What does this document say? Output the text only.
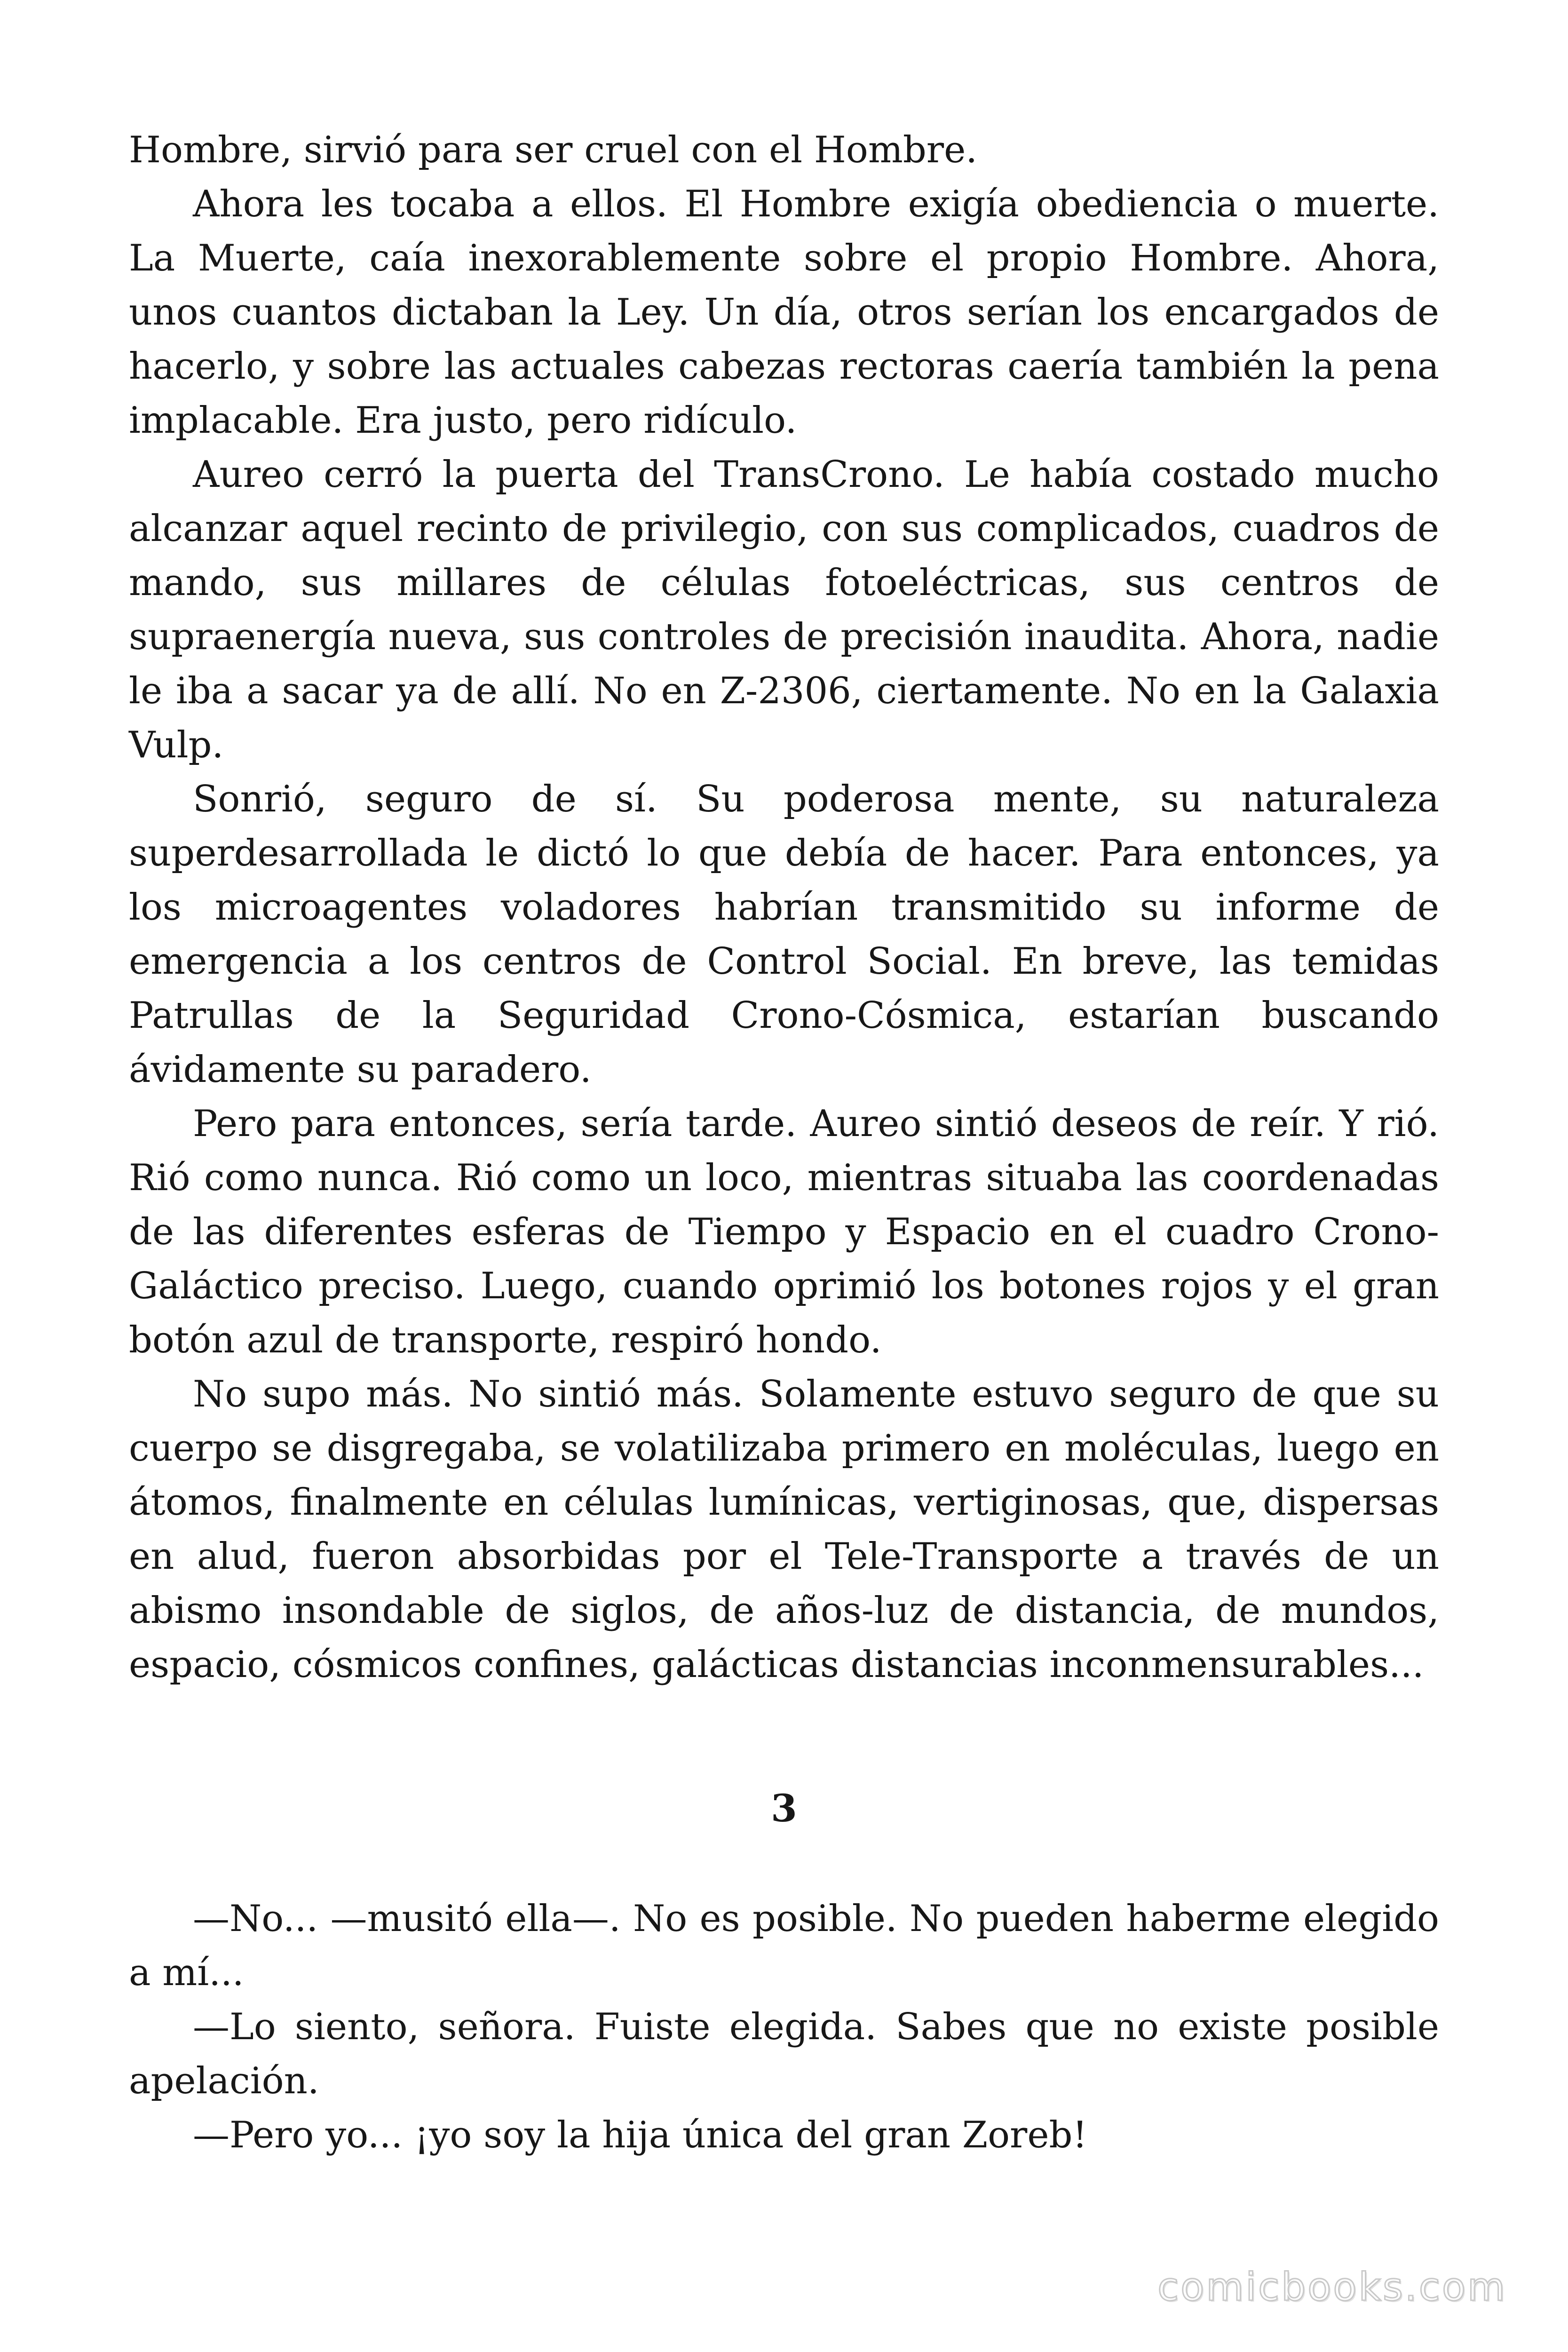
Hombre, sirvió para ser cruel con el Hombre.

Ahora les tocaba a ellos. El Hombre exigía obediencia o muerte. La Muerte, caía inexorablemente sobre el propio Hombre. Ahora, unos cuantos dictaban la Ley. Un día, otros serían los encargados de hacerlo, y sobre las actuales cabezas rectoras caería también la pena implacable. Era justo, pero ridículo.

Aureo cerró la puerta del TransCrono. Le había costado mucho alcanzar aquel recinto de privilegio, con sus complicados, cuadros de mando, sus millares de células fotoeléctricas, sus centros de supraenergía nueva, sus controles de precisión inaudita. Ahora, nadie le iba a sacar ya de allí. No en Z-2306, ciertamente. No en la Galaxia Vulp.

Sonrió, seguro de sí. Su poderosa mente, su naturaleza superdesarrollada le dictó lo que debía de hacer. Para entonces, ya los microagentes voladores habrían transmitido su informe de emergencia a los centros de Control Social. En breve, las temidas Patrullas de la Seguridad Crono-Cósmica, estarían buscando ávidamente su paradero.

Pero para entonces, sería tarde. Aureo sintió deseos de reír. Y rió. Rió como nunca. Rió como un loco, mientras situaba las coordenadas de las diferentes esferas de Tiempo y Espacio en el cuadro Crono-Galáctico preciso. Luego, cuando oprimió los botones rojos y el gran botón azul de transporte, respiró hondo.

No supo más. No sintió más. Solamente estuvo seguro de que su cuerpo se disgregaba, se volatilizaba primero en moléculas, luego en átomos, finalmente en células lumínicas, vertiginosas, que, dispersas en alud, fueron absorbidas por el Tele-Transporte a través de un abismo insondable de siglos, de años-luz de distancia, de mundos, espacio, cósmicos confines, galácticas distancias inconmensurables...

3

—No... —musitó ella—. No es posible. No pueden haberme elegido a mí...

—Lo siento, señora. Fuiste elegida. Sabes que no existe posible apelación.

—Pero yo... ¡yo soy la hija única del gran Zoreb!

comicbooks.com
